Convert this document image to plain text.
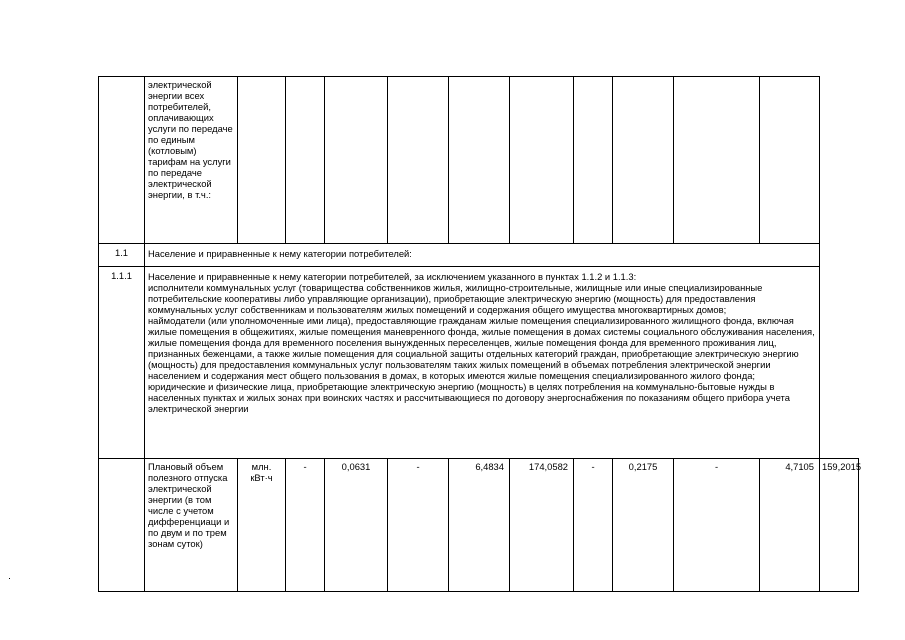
	электрической энергии всех потребителей, оплачивающих услуги по передаче по единым (котловым) тарифам на услуги по передаче электрической энергии, в т.ч.:											
1.1	Население и приравненные к нему категории потребителей:											
1.1.1	Население и приравненные к нему категории потребителей, за исключением указанного в пунктах 1.1.2 и 1.1.3:

исполнители коммунальных услуг (товарищества собственников жилья, жилищно-строительные, жилищные или иные специализированные потребительские кооперативы либо управляющие организации), приобретающие электрическую энергию (мощность) для предоставления коммунальных услуг собственникам и пользователям жилых помещений и содержания общего имущества многоквартирных домов;

наймодатели (или уполномоченные ими лица), предоставляющие гражданам жилые помещения специализированного жилищного фонда, включая жилые помещения в общежитиях, жилые помещения маневренного фонда, жилые помещения в домах системы социального обслуживания населения, жилые помещения фонда для временного поселения вынужденных переселенцев, жилые помещения фонда для временного проживания лиц, признанных беженцами, а также жилые помещения для социальной защиты отдельных категорий граждан, приобретающие электрическую энергию (мощность) для предоставления коммунальных услуг пользователям таких жилых помещений в объемах потребления электрической энергии населением и содержания мест общего пользования в домах, в которых имеются жилые помещения специализированного жилого фонда;

юридические и физические лица, приобретающие электрическую энергию (мощность) в целях потребления на коммунально-бытовые нужды в населенных пунктах и жилых зонах при воинских частях и рассчитывающиеся по договору энергоснабжения по показаниям общего прибора учета электрической энергии											

	Плановый объем полезного отпуска электрической энергии (в том числе с учетом дифференциаци и по двум и по трем зонам суток)	млн. кВт·ч	-	0,0631	-	6,4834	174,0582	-	0,2175	-	4,7105	159,2015
